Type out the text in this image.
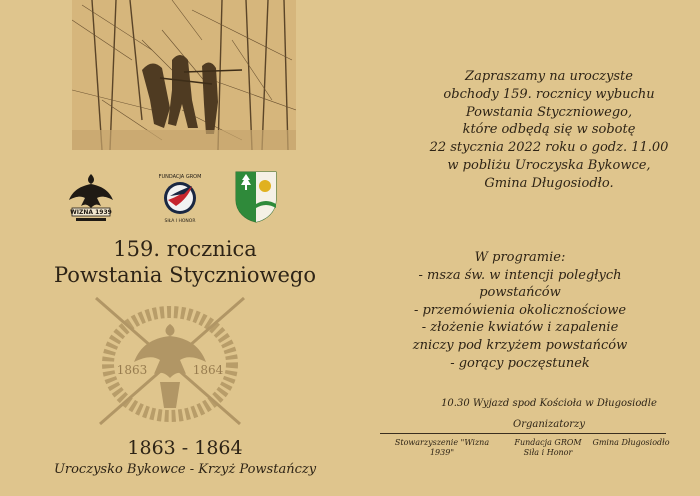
WIZNA 1939
FUNDACJA GROM
SIŁA I HONOR
159. rocznica
Powstania Styczniowego
1863	1864
1863 - 1864
Uroczysko Bykowce - Krzyż Powstańczy
Zapraszamy na uroczyste
obchody 159. rocznicy wybuchu
Powstania Styczniowego,
które odbędą się w sobotę
22 stycznia 2022 roku o godz. 11.00
w pobliżu Uroczyska Bykowce,
Gmina Długosiodło.
W programie:
- msza św. w intencji poległych
powstańców
- przemówienia okolicznościowe
- złożenie kwiatów i zapalenie
zniczy pod krzyżem powstańców
- gorący poczęstunek
10.30 Wyjazd spod Kościoła w Długosiodle
Organizatorzy
Stowarzyszenie "Wizna 1939"
Fundacja GROM
Siła i Honor
Gmina Długosiodło
